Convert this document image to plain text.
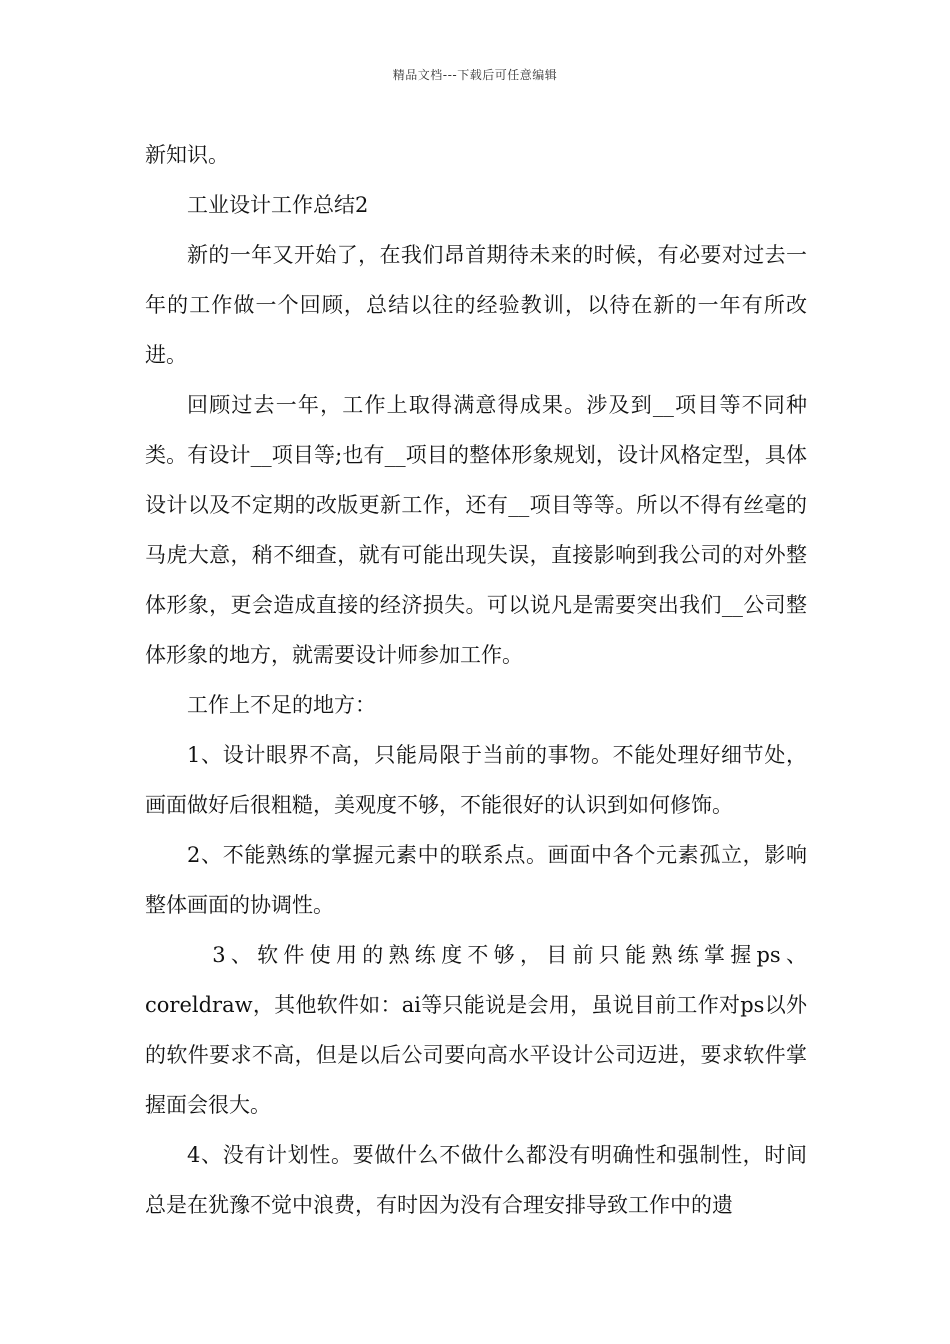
精品文档---下载后可任意编辑

新知识。

工业设计工作总结2

新的一年又开始了，在我们昂首期待未来的时候，有必要对过去一年的工作做一个回顾，总结以往的经验教训，以待在新的一年有所改进。

回顾过去一年，工作上取得满意得成果。涉及到__项目等不同种类。有设计__项目等;也有__项目的整体形象规划，设计风格定型，具体设计以及不定期的改版更新工作，还有__项目等等。所以不得有丝毫的马虎大意，稍不细查，就有可能出现失误，直接影响到我公司的对外整体形象，更会造成直接的经济损失。可以说凡是需要突出我们__公司整体形象的地方，就需要设计师参加工作。

工作上不足的地方：

1、设计眼界不高，只能局限于当前的事物。不能处理好细节处，画面做好后很粗糙，美观度不够，不能很好的认识到如何修饰。

2、不能熟练的掌握元素中的联系点。画面中各个元素孤立，影响整体画面的协调性。

3、软件使用的熟练度不够，目前只能熟练掌握ps、coreldraw，其他软件如：ai等只能说是会用，虽说目前工作对ps以外的软件要求不高，但是以后公司要向高水平设计公司迈进，要求软件掌握面会很大。

4、没有计划性。要做什么不做什么都没有明确性和强制性，时间总是在犹豫不觉中浪费，有时因为没有合理安排导致工作中的遗
